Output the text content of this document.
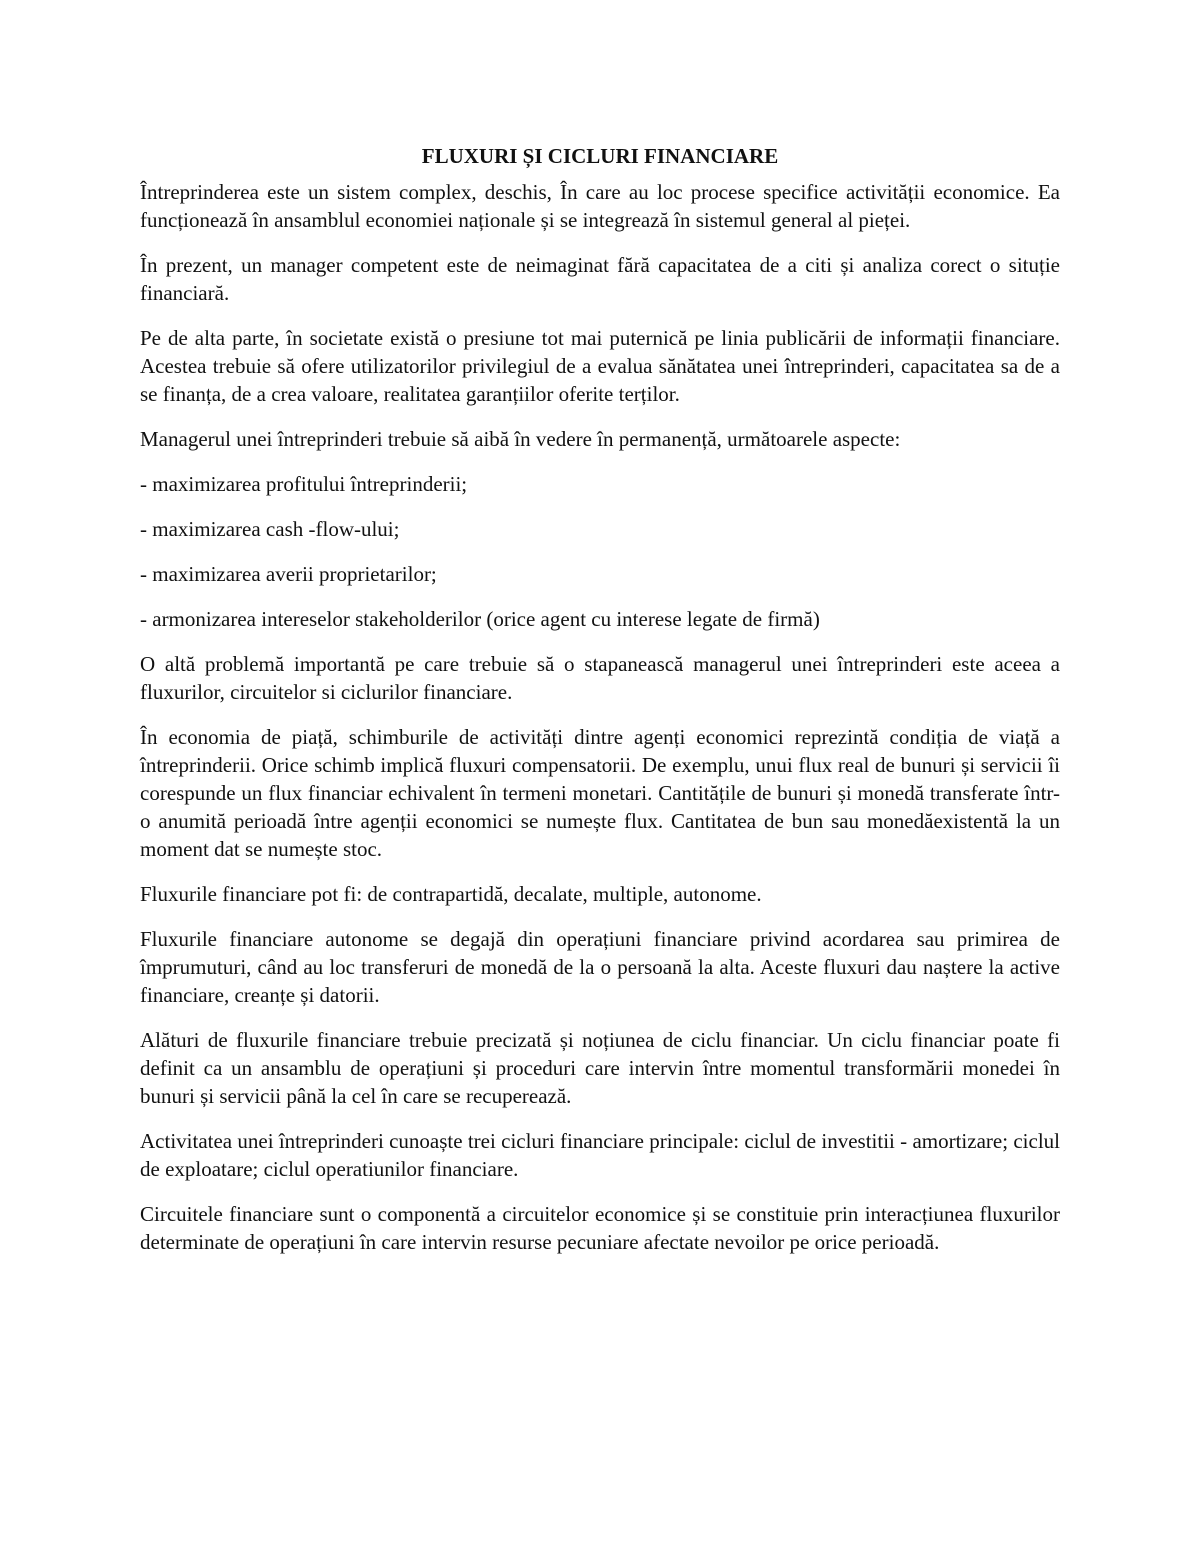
FLUXURI ȘI CICLURI FINANCIARE

Întreprinderea este un sistem complex, deschis, În care au loc procese specifice activității economice. Ea funcționează în ansamblul economiei naționale și se integrează în sistemul general al pieței.

În prezent, un manager competent este de neimaginat fără capacitatea de a citi și analiza corect o situție financiară.

Pe de alta parte, în societate există o presiune tot mai puternică pe linia publicării de informații financiare. Acestea trebuie să ofere utilizatorilor privilegiul de a evalua sănătatea unei întreprinderi, capacitatea sa de a se finanța, de a crea valoare, realitatea garanțiilor oferite terților.

Managerul unei întreprinderi trebuie să aibă în vedere în permanență, următoarele aspecte:

- maximizarea profitului întreprinderii;

- maximizarea cash -flow-ului;

- maximizarea averii proprietarilor;

- armonizarea intereselor stakeholderilor (orice agent cu interese legate de firmă)

O altă problemă importantă pe care trebuie să o stapanească managerul unei întreprinderi este aceea a fluxurilor, circuitelor si ciclurilor financiare.

În economia de piață, schimburile de activități dintre agenți economici reprezintă condiția de viață a întreprinderii. Orice schimb implică fluxuri compensatorii. De exemplu, unui flux real de bunuri și servicii îi corespunde un flux financiar echivalent în termeni monetari. Cantitățile de bunuri și monedă transferate într-o anumită perioadă între agenții economici se numește flux. Cantitatea de bun sau monedăexistentă la un moment dat se numește stoc.

Fluxurile financiare pot fi: de contrapartidă, decalate, multiple, autonome.

Fluxurile financiare autonome se degajă din operațiuni financiare privind acordarea sau primirea de împrumuturi, când au loc transferuri de monedă de la o persoană la alta. Aceste fluxuri dau naștere la active financiare, creanțe și datorii.

Alături de fluxurile financiare trebuie precizată și noțiunea de ciclu financiar. Un ciclu financiar poate fi definit ca un ansamblu de operațiuni și proceduri care intervin între momentul transformării monedei în bunuri și servicii până la cel în care se recuperează.

Activitatea unei întreprinderi cunoaște trei cicluri financiare principale: ciclul de investitii - amortizare; ciclul de exploatare; ciclul operatiunilor financiare.

Circuitele financiare sunt o componentă a circuitelor economice și se constituie prin interacțiunea fluxurilor determinate de operațiuni în care intervin resurse pecuniare afectate nevoilor pe orice perioadă.
